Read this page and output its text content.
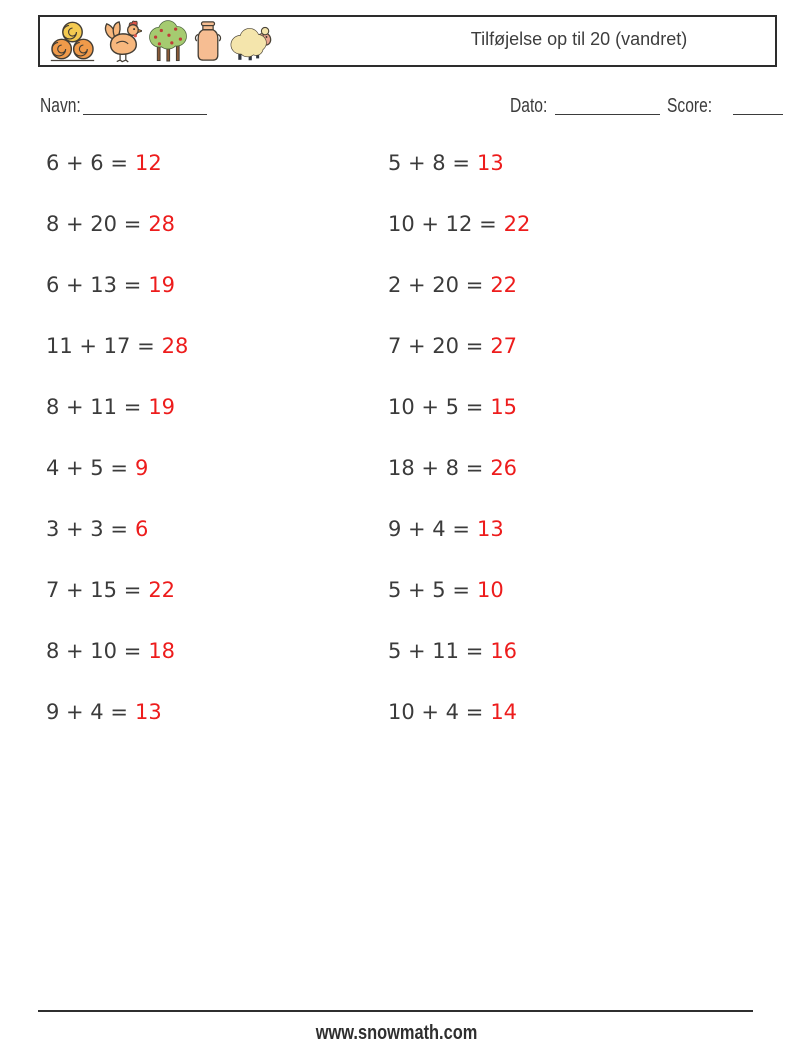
Tilføjelse op til 20 (vandret)
Navn:	Dato:	Score:
6 + 6 = 12	5 + 8 = 13
8 + 20 = 28	10 + 12 = 22
6 + 13 = 19	2 + 20 = 22
11 + 17 = 28	7 + 20 = 27
8 + 11 = 19	10 + 5 = 15
4 + 5 = 9	18 + 8 = 26
3 + 3 = 6	9 + 4 = 13
7 + 15 = 22	5 + 5 = 10
8 + 10 = 18	5 + 11 = 16
9 + 4 = 13	10 + 4 = 14
www.snowmath.com
